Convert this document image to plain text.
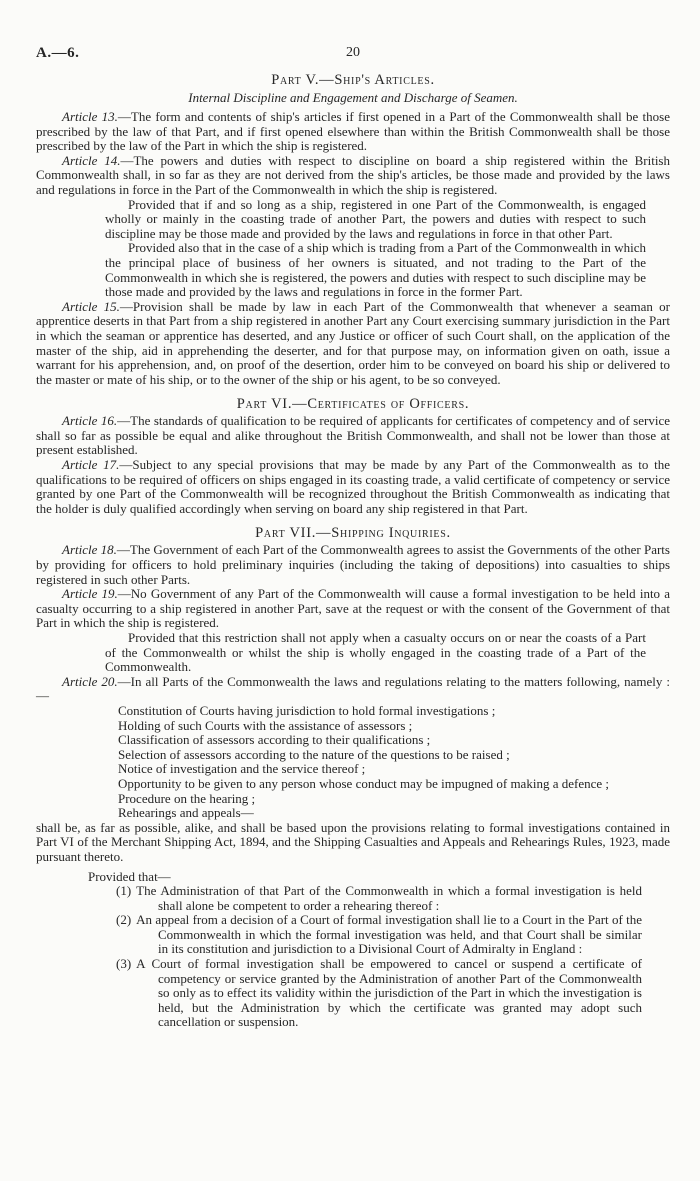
A.—6.	20
Part V.—Ship's Articles.
Internal Discipline and Engagement and Discharge of Seamen.

Article 13.—The form and contents of ship's articles if first opened in a Part of the Commonwealth shall be those prescribed by the law of that Part, and if first opened elsewhere than within the British Commonwealth shall be those prescribed by the law of the Part in which the ship is registered.

Article 14.—The powers and duties with respect to discipline on board a ship registered within the British Commonwealth shall, in so far as they are not derived from the ship's articles, be those made and provided by the laws and regulations in force in the Part of the Commonwealth in which the ship is registered.

Provided that if and so long as a ship, registered in one Part of the Commonwealth, is engaged wholly or mainly in the coasting trade of another Part, the powers and duties with respect to such discipline may be those made and provided by the laws and regulations in force in that other Part.

Provided also that in the case of a ship which is trading from a Part of the Commonwealth in which the principal place of business of her owners is situated, and not trading to the Part of the Commonwealth in which she is registered, the powers and duties with respect to such discipline may be those made and provided by the laws and regulations in force in the former Part.

Article 15.—Provision shall be made by law in each Part of the Commonwealth that whenever a seaman or apprentice deserts in that Part from a ship registered in another Part any Court exercising summary jurisdiction in the Part in which the seaman or apprentice has deserted, and any Justice or officer of such Court shall, on the application of the master of the ship, aid in apprehending the deserter, and for that purpose may, on information given on oath, issue a warrant for his apprehension, and, on proof of the desertion, order him to be conveyed on board his ship or delivered to the master or mate of his ship, or to the owner of the ship or his agent, to be so conveyed.

Part VI.—Certificates of Officers.

Article 16.—The standards of qualification to be required of applicants for certificates of competency and of service shall so far as possible be equal and alike throughout the British Commonwealth, and shall not be lower than those at present established.

Article 17.—Subject to any special provisions that may be made by any Part of the Commonwealth as to the qualifications to be required of officers on ships engaged in its coasting trade, a valid certificate of competency or service granted by one Part of the Commonwealth will be recognized throughout the British Commonwealth as indicating that the holder is duly qualified accordingly when serving on board any ship registered in that Part.

Part VII.—Shipping Inquiries.

Article 18.—The Government of each Part of the Commonwealth agrees to assist the Governments of the other Parts by providing for officers to hold preliminary inquiries (including the taking of depositions) into casualties to ships registered in such other Parts.

Article 19.—No Government of any Part of the Commonwealth will cause a formal investigation to be held into a casualty occurring to a ship registered in another Part, save at the request or with the consent of the Government of that Part in which the ship is registered.

Provided that this restriction shall not apply when a casualty occurs on or near the coasts of a Part of the Commonwealth or whilst the ship is wholly engaged in the coasting trade of a Part of the Commonwealth.

Article 20.—In all Parts of the Commonwealth the laws and regulations relating to the matters following, namely :—

Constitution of Courts having jurisdiction to hold formal investigations ;
Holding of such Courts with the assistance of assessors ;
Classification of assessors according to their qualifications ;
Selection of assessors according to the nature of the questions to be raised ;
Notice of investigation and the service thereof ;
Opportunity to be given to any person whose conduct may be impugned of making a defence ;
Procedure on the hearing ;
Rehearings and appeals—

shall be, as far as possible, alike, and shall be based upon the provisions relating to formal investigations contained in Part VI of the Merchant Shipping Act, 1894, and the Shipping Casualties and Appeals and Rehearings Rules, 1923, made pursuant thereto.

Provided that—
(1) The Administration of that Part of the Commonwealth in which a formal investigation is held shall alone be competent to order a rehearing thereof :
(2) An appeal from a decision of a Court of formal investigation shall lie to a Court in the Part of the Commonwealth in which the formal investigation was held, and that Court shall be similar in its constitution and jurisdiction to a Divisional Court of Admiralty in England :
(3) A Court of formal investigation shall be empowered to cancel or suspend a certificate of competency or service granted by the Administration of another Part of the Commonwealth so only as to effect its validity within the jurisdiction of the Part in which the investigation is held, but the Administration by which the certificate was granted may adopt such cancellation or suspension.
